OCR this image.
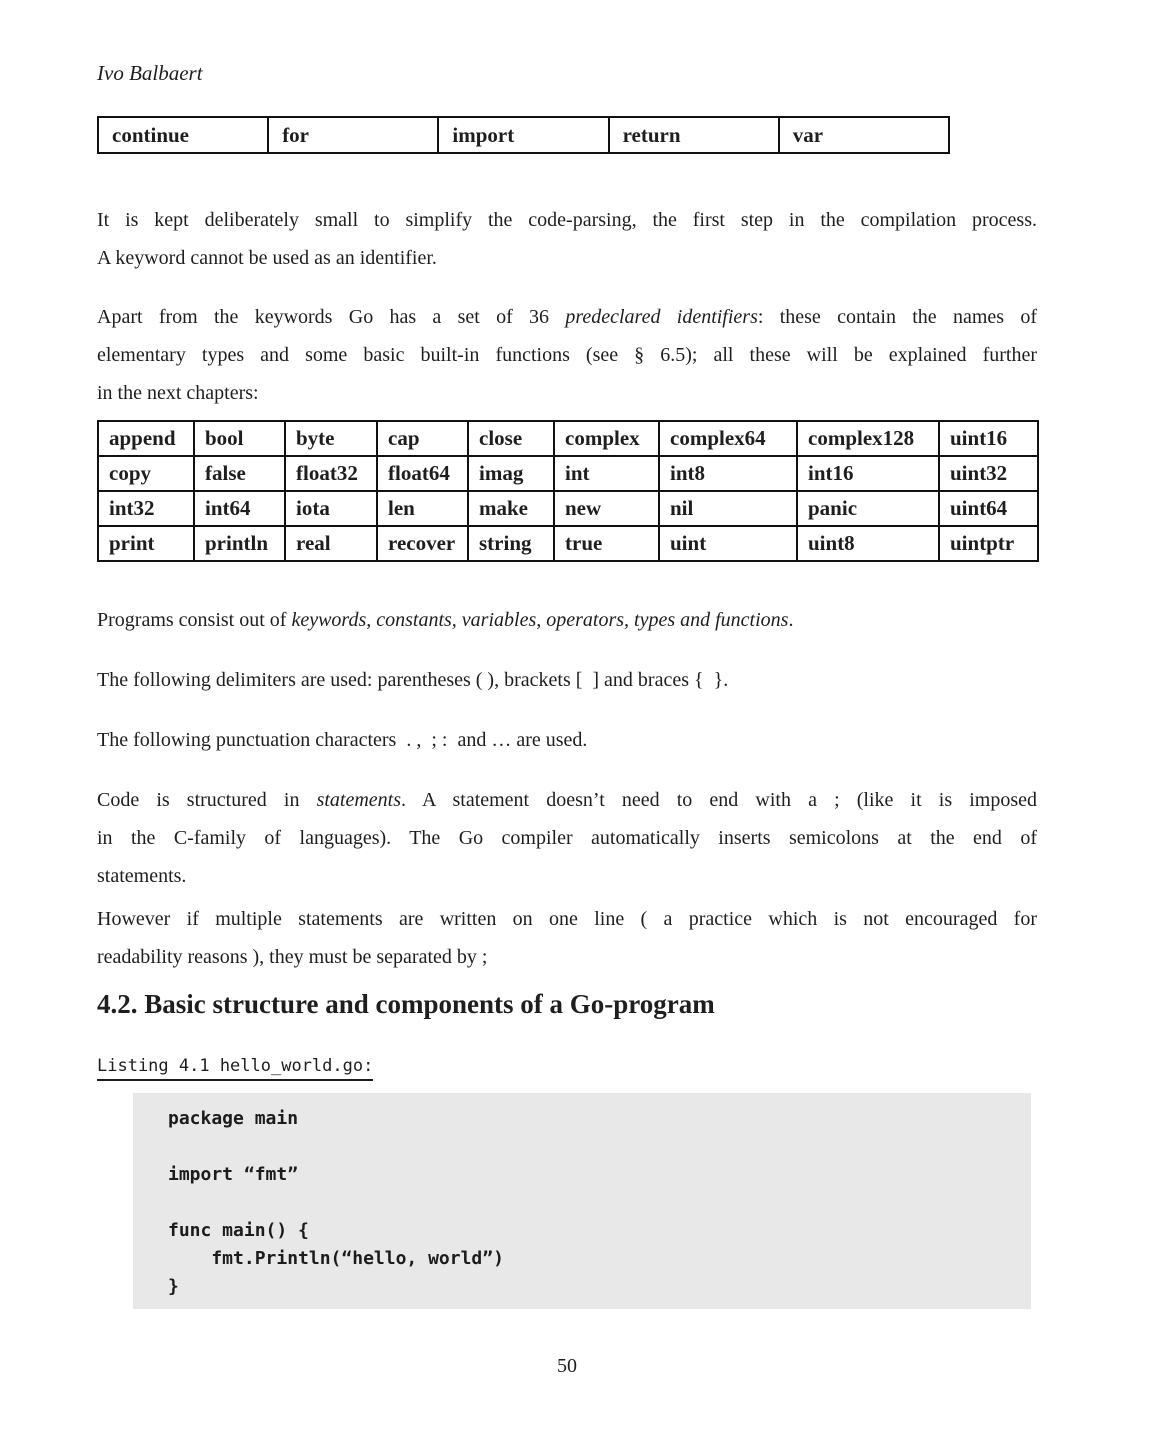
Ivo Balbaert
continue	for	import	return	var
It is kept deliberately small to simplify the code-parsing, the first step in the compilation process.
A keyword cannot be used as an identifier.
Apart from the keywords Go has a set of 36 predeclared identifiers: these contain the names of
elementary types and some basic built-in functions (see § 6.5); all these will be explained further
in the next chapters:
append	bool	byte	cap	close	complex	complex64	complex128	uint16
copy	false	float32	float64	imag	int	int8	int16	uint32
int32	int64	iota	len	make	new	nil	panic	uint64
print	println	real	recover	string	true	uint	uint8	uintptr
Programs consist out of keywords, constants, variables, operators, types and functions.
The following delimiters are used: parentheses ( ), brackets [  ] and braces {  }.
The following punctuation characters  . ,  ; :  and … are used.
Code is structured in statements. A statement doesn’t need to end with a ; (like it is imposed
in the C-family of languages). The Go compiler automatically inserts semicolons at the end of
statements.
However if multiple statements are written on one line ( a practice which is not encouraged for
readability reasons ), they must be separated by ;
4.2. Basic structure and components of a Go-program
Listing 4.1 hello_world.go:
package main
import “fmt”
func main() {
fmt.Println(“hello, world”)
}
50
